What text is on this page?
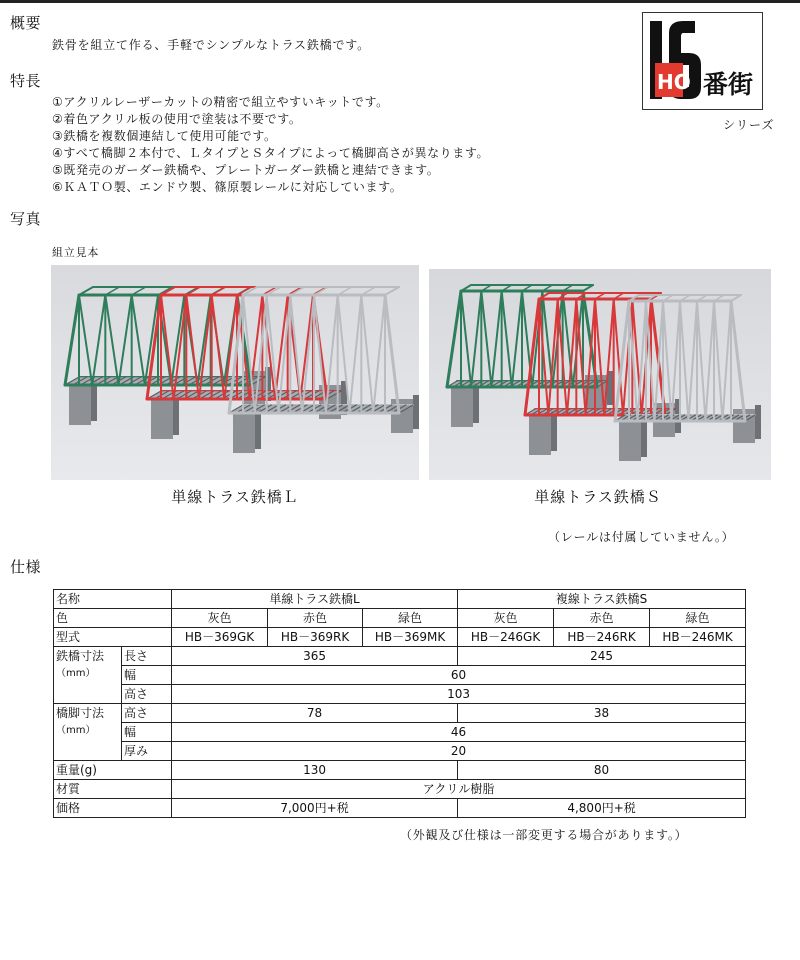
概要
鉄骨を組立て作る、手軽でシンプルなトラス鉄橋です。
HO 番街
シリーズ
特長
①アクリルレーザーカットの精密で組立やすいキットです。
②着色アクリル板の使用で塗装は不要です。
③鉄橋を複数個連結して使用可能です。
④すべて橋脚２本付で、ＬタイプとＳタイプによって橋脚高さが異なります。
⑤既発売のガーダー鉄橋や、プレートガーダー鉄橋と連結できます。
⑥ＫＡＴＯ製、エンドウ製、篠原製レールに対応しています。
写真
組立見本
単線トラス鉄橋Ｌ	単線トラス鉄橋Ｓ
（レールは付属していません。）
仕様
名称		単線トラス鉄橋L			複線トラス鉄橋S		
色		灰色	赤色	緑色	灰色	赤色	緑色
型式		HB－369GK	HB－369RK	HB－369MK	HB－246GK	HB－246RK	HB－246MK

鉄橋寸法
（mm）	長さ	365			245		
	幅	60					
	高さ	103					

橋脚寸法
（mm）	高さ	78			38		
	幅	46					
	厚み	20					
重量(g)		130			80		
材質		アクリル樹脂					
価格		7,000円+税			4,800円+税		
（外観及び仕様は一部変更する場合があります。）
